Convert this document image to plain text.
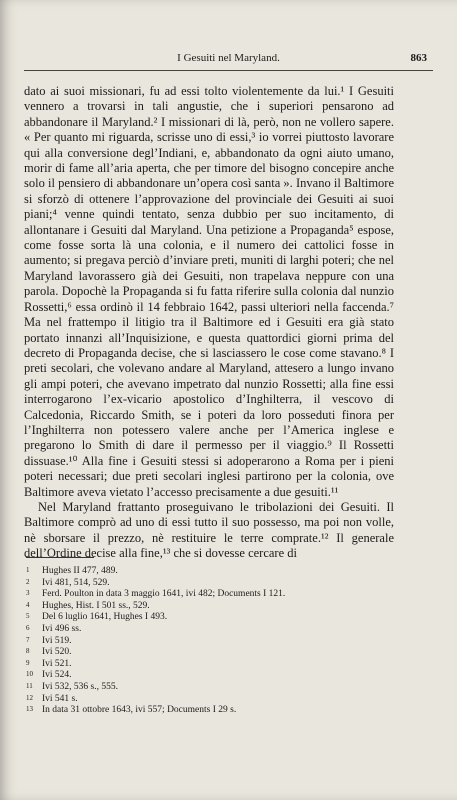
I Gesuiti nel Maryland.	863

dato ai suoi missionari, fu ad essi tolto violentemente da lui.¹ I Gesuiti vennero a trovarsi in tali angustie, che i superiori pensarono ad abbandonare il Maryland.² I missionari di là, però, non ne vollero sapere. « Per quanto mi riguarda, scrisse uno di essi,³ io vorrei piuttosto lavorare qui alla conversione degl’Indiani, e, abbandonato da ogni aiuto umano, morir di fame all’aria aperta, che per timore del bisogno concepire anche solo il pensiero di abbandonare un’opera così santa ». Invano il Baltimore si sforzò di ottenere l’approvazione del provinciale dei Gesuiti ai suoi piani;⁴ venne quindi tentato, senza dubbio per suo incitamento, di allontanare i Gesuiti dal Maryland. Una petizione a Propaganda⁵ espose, come fosse sorta là una colonia, e il numero dei cattolici fosse in aumento; si pregava perciò d’inviare preti, muniti di larghi poteri; che nel Maryland lavorassero già dei Gesuiti, non trapelava neppure con una parola. Dopochè la Propaganda si fu fatta riferire sulla colonia dal nunzio Rossetti,⁶ essa ordinò il 14 febbraio 1642, passi ulteriori nella faccenda.⁷ Ma nel frattempo il litigio tra il Baltimore ed i Gesuiti era già stato portato innanzi all’Inquisizione, e questa quattordici giorni prima del decreto di Propaganda decise, che si lasciassero le cose come stavano.⁸ I preti secolari, che volevano andare al Maryland, attesero a lungo invano gli ampi poteri, che avevano impetrato dal nunzio Rossetti; alla fine essi interrogarono l’ex-vicario apostolico d’Inghilterra, il vescovo di Calcedonia, Riccardo Smith, se i poteri da loro posseduti finora per l’Inghilterra non potessero valere anche per l’America inglese e pregarono lo Smith di dare il permesso per il viaggio.⁹ Il Rossetti dissuase.¹⁰ Alla fine i Gesuiti stessi si adoperarono a Roma per i pieni poteri necessari; due preti secolari inglesi partirono per la colonia, ove Baltimore aveva vietato l’accesso precisamente a due gesuiti.¹¹

Nel Maryland frattanto proseguivano le tribolazioni dei Gesuiti. Il Baltimore comprò ad uno di essi tutto il suo possesso, ma poi non volle, nè sborsare il prezzo, nè restituire le terre comprate.¹² Il generale dell’Ordine decise alla fine,¹³ che si dovesse cercare di

1 Hughes II 477, 489.
2 Ivi 481, 514, 529.
3 Ferd. Poulton in data 3 maggio 1641, ivi 482; Documents I 121.
4 Hughes, Hist. I 501 ss., 529.
5 Del 6 luglio 1641, Hughes I 493.
6 Ivi 496 ss.
7 Ivi 519.
8 Ivi 520.
9 Ivi 521.
10 Ivi 524.
11 Ivi 532, 536 s., 555.
12 Ivi 541 s.
13 In data 31 ottobre 1643, ivi 557; Documents I 29 s.
